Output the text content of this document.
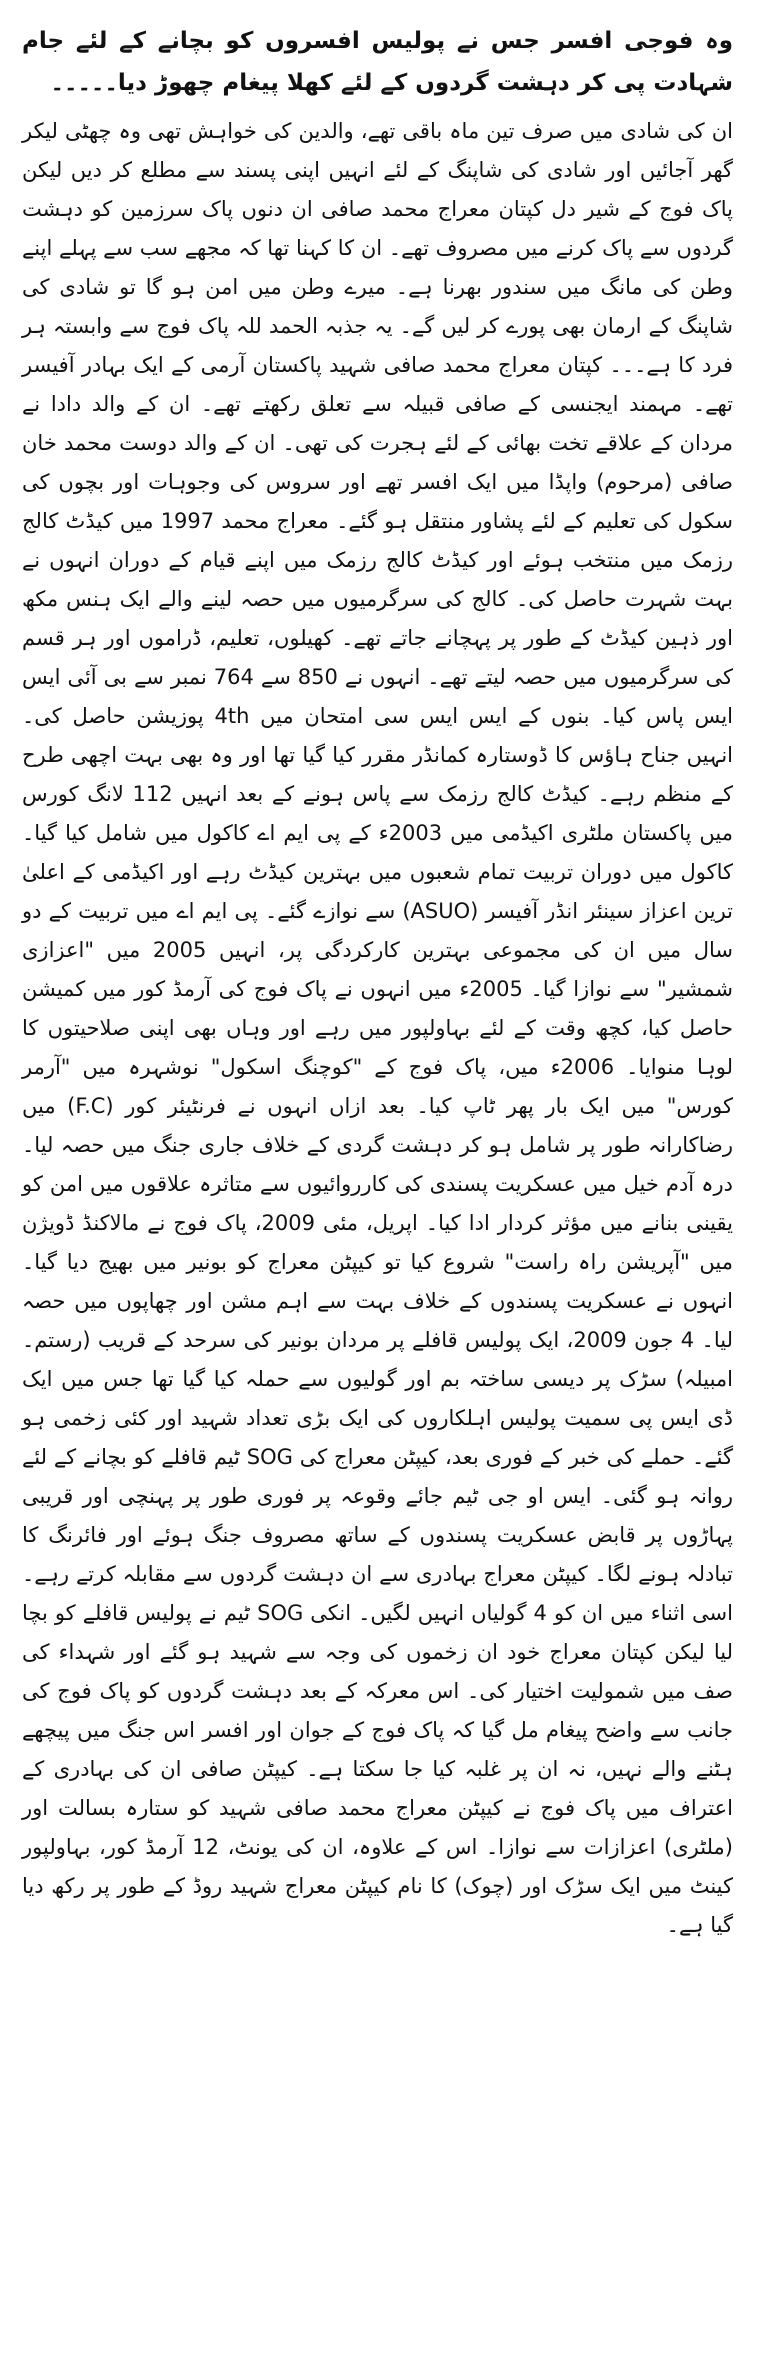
وہ فوجی افسر جس نے پولیس افسروں کو بچانے کے لئے جام شہادت پی کر دہشت گردوں کے لئے کھلا پیغام چھوڑ دیا۔۔۔۔۔

ان کی شادی میں صرف تین ماہ باقی تھے، والدین کی خواہش تھی وہ چھٹی لیکر گھر آجائیں اور شادی کی شاپنگ کے لئے انہیں اپنی پسند سے مطلع کر دیں لیکن پاک فوج کے شیر دل کپتان معراج محمد صافی ان دنوں پاک سرزمین کو دہشت گردوں سے پاک کرنے میں مصروف تھے۔ ان کا کہنا تھا کہ مجھے سب سے پہلے اپنے وطن کی مانگ میں سندور بھرنا ہے۔ میرے وطن میں امن ہو گا تو شادی کی شاپنگ کے ارمان بھی پورے کر لیں گے۔ یہ جذبہ الحمد للہ پاک فوج سے وابستہ ہر فرد کا ہے۔۔۔ کپتان معراج محمد صافی شہید پاکستان آرمی کے ایک بہادر آفیسر تھے۔ مہمند ایجنسی کے صافی قبیلہ سے تعلق رکھتے تھے۔ ان کے والد دادا نے مردان کے علاقے تخت بھائی کے لئے ہجرت کی تھی۔ ان کے والد دوست محمد خان صافی (مرحوم) واپڈا میں ایک افسر تھے اور سروس کی وجوہات اور بچوں کی سکول کی تعلیم کے لئے پشاور منتقل ہو گئے۔ معراج محمد 1997 میں کیڈٹ کالج رزمک میں منتخب ہوئے اور کیڈٹ کالج رزمک میں اپنے قیام کے دوران انہوں نے بہت شہرت حاصل کی۔ کالج کی سرگرمیوں میں حصہ لینے والے ایک ہنس مکھ اور ذہین کیڈٹ کے طور پر پہچانے جاتے تھے۔ کھیلوں، تعلیم، ڈراموں اور ہر قسم کی سرگرمیوں میں حصہ لیتے تھے۔ انہوں نے 850 سے 764 نمبر سے بی آئی ایس ایس پاس کیا۔ بنوں کے ایس ایس سی امتحان میں 4th پوزیشن حاصل کی۔ انہیں جناح ہاؤس کا ڈوستارہ کمانڈر مقرر کیا گیا تھا اور وہ بھی بہت اچھی طرح کے منظم رہے۔ کیڈٹ کالج رزمک سے پاس ہونے کے بعد انہیں 112 لانگ کورس میں پاکستان ملٹری اکیڈمی میں 2003ء کے پی ایم اے کاکول میں شامل کیا گیا۔ کاکول میں دوران تربیت تمام شعبوں میں بہترین کیڈٹ رہے اور اکیڈمی کے اعلیٰ ترین اعزاز سینئر انڈر آفیسر (ASUO) سے نوازے گئے۔ پی ایم اے میں تربیت کے دو سال میں ان کی مجموعی بہترین کارکردگی پر، انہیں 2005 میں "اعزازی شمشیر" سے نوازا گیا۔ 2005ء میں انہوں نے پاک فوج کی آرمڈ کور میں کمیشن حاصل کیا، کچھ وقت کے لئے بہاولپور میں رہے اور وہاں بھی اپنی صلاحیتوں کا لوہا منوایا۔ 2006ء میں، پاک فوج کے "کوچنگ اسکول" نوشہرہ میں "آرمر کورس" میں ایک بار پھر ٹاپ کیا۔ بعد ازاں انہوں نے فرنٹیئر کور (F.C) میں رضاکارانہ طور پر شامل ہو کر دہشت گردی کے خلاف جاری جنگ میں حصہ لیا۔ درہ آدم خیل میں عسکریت پسندی کی کارروائیوں سے متاثرہ علاقوں میں امن کو یقینی بنانے میں مؤثر کردار ادا کیا۔ اپریل، مئی 2009، پاک فوج نے مالاکنڈ ڈویژن میں "آپریشن راہ راست" شروع کیا تو کیپٹن معراج کو بونیر میں بھیج دیا گیا۔ انہوں نے عسکریت پسندوں کے خلاف بہت سے اہم مشن اور چھاپوں میں حصہ لیا۔ 4 جون 2009، ایک پولیس قافلے پر مردان بونیر کی سرحد کے قریب (رستم۔ امبیلہ) سڑک پر دیسی ساختہ بم اور گولیوں سے حملہ کیا گیا تھا جس میں ایک ڈی ایس پی سمیت پولیس اہلکاروں کی ایک بڑی تعداد شہید اور کئی زخمی ہو گئے۔ حملے کی خبر کے فوری بعد، کیپٹن معراج کی SOG ٹیم قافلے کو بچانے کے لئے روانہ ہو گئی۔ ایس او جی ٹیم جائے وقوعہ پر فوری طور پر پہنچی اور قریبی پہاڑوں پر قابض عسکریت پسندوں کے ساتھ مصروف جنگ ہوئے اور فائرنگ کا تبادلہ ہونے لگا۔ کیپٹن معراج بہادری سے ان دہشت گردوں سے مقابلہ کرتے رہے۔ اسی اثناء میں ان کو 4 گولیاں انہیں لگیں۔ انکی SOG ٹیم نے پولیس قافلے کو بچا لیا لیکن کپتان معراج خود ان زخموں کی وجہ سے شہید ہو گئے اور شہداء کی صف میں شمولیت اختیار کی۔ اس معرکہ کے بعد دہشت گردوں کو پاک فوج کی جانب سے واضح پیغام مل گیا کہ پاک فوج کے جوان اور افسر اس جنگ میں پیچھے ہٹنے والے نہیں، نہ ان پر غلبہ کیا جا سکتا ہے۔ کیپٹن صافی ان کی بہادری کے اعتراف میں پاک فوج نے کیپٹن معراج محمد صافی شہید کو ستارہ بسالت اور (ملٹری) اعزازات سے نوازا۔ اس کے علاوہ، ان کی یونٹ، 12 آرمڈ کور، بہاولپور کینٹ میں ایک سڑک اور (چوک) کا نام کیپٹن معراج شہید روڈ کے طور پر رکھ دیا گیا ہے۔
